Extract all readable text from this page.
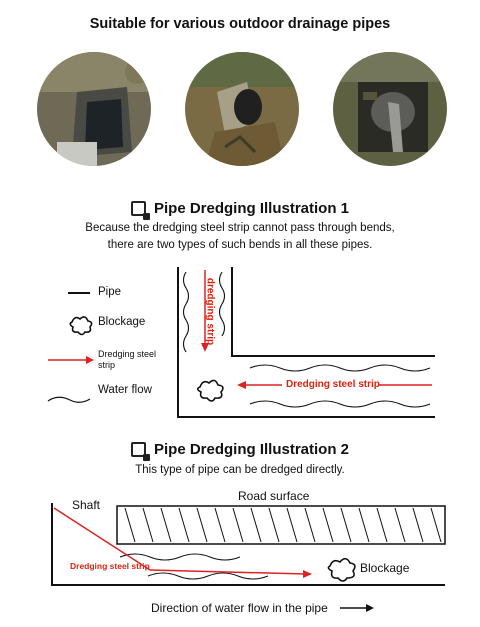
Suitable for various outdoor drainage pipes
Pipe Dredging Illustration 1
Because the dredging steel strip cannot pass through bends,
there are two types of such bends in all these pipes.
Pipe
Blockage
Dredging steel
strip
Water flow
dredging strip
Dredging steel strip
Pipe Dredging Illustration 2
This type of pipe can be dredged directly.
Shaft
Road surface
Dredging steel strip	Blockage
Direction of water flow in the pipe
